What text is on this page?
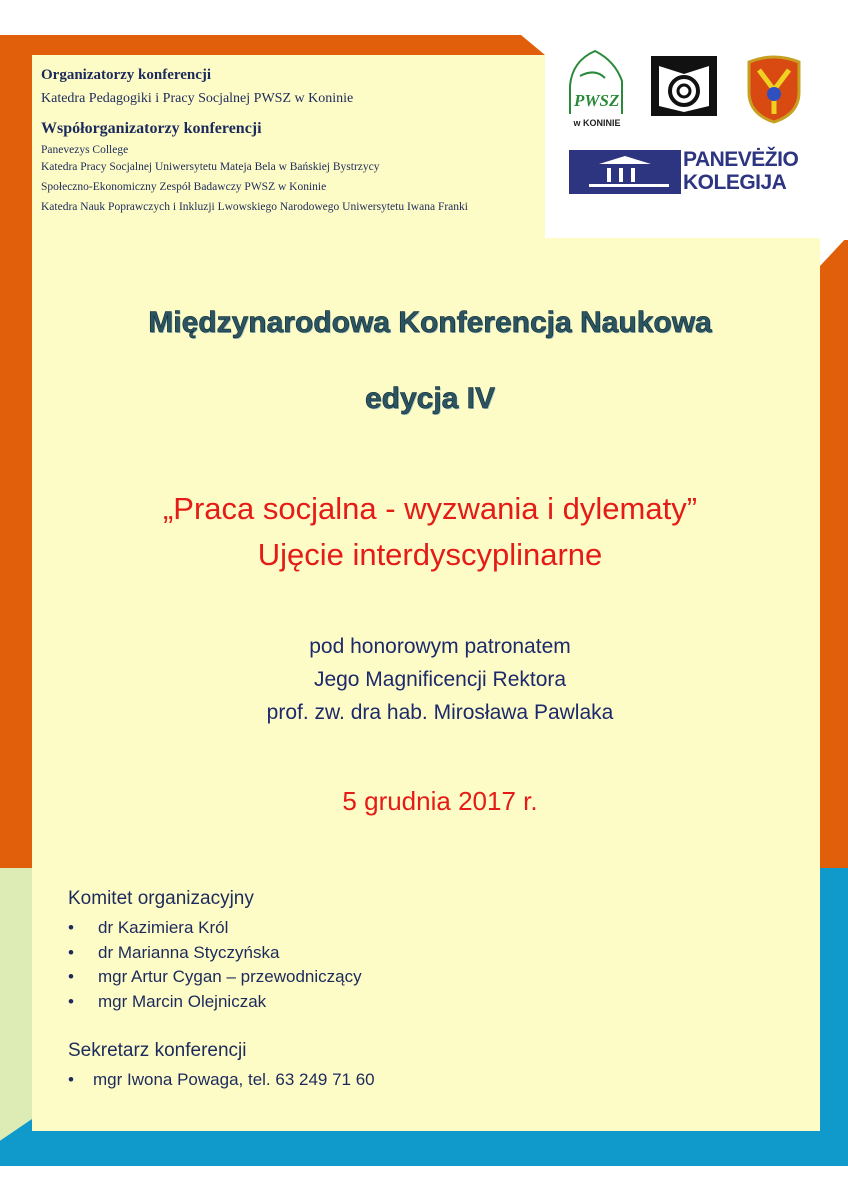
PWSZ
w KONINIE
PANEVĖŽIO
KOLEGIJA
Organizatorzy konferencji
Katedra Pedagogiki i Pracy Socjalnej PWSZ w Koninie
Współorganizatorzy konferencji
Panevezys College
Katedra Pracy Socjalnej Uniwersytetu Mateja Bela w Bańskiej Bystrzycy
Społeczno-Ekonomiczny Zespół Badawczy PWSZ w Koninie
Katedra Nauk Poprawczych i Inkluzji Lwowskiego Narodowego Uniwersytetu Iwana Franki
Międzynarodowa Konferencja Naukowa
edycja IV
„Praca socjalna - wyzwania i dylematy”
Ujęcie interdyscyplinarne
pod honorowym patronatem
Jego Magnificencji Rektora
prof. zw. dra hab. Mirosława Pawlaka
5 grudnia 2017 r.
Komitet organizacyjny
•	dr Kazimiera Król
•	dr Marianna Styczyńska
•	mgr Artur Cygan – przewodniczący
•	mgr Marcin Olejniczak
Sekretarz konferencji
•	mgr Iwona Powaga, tel. 63 249 71 60
